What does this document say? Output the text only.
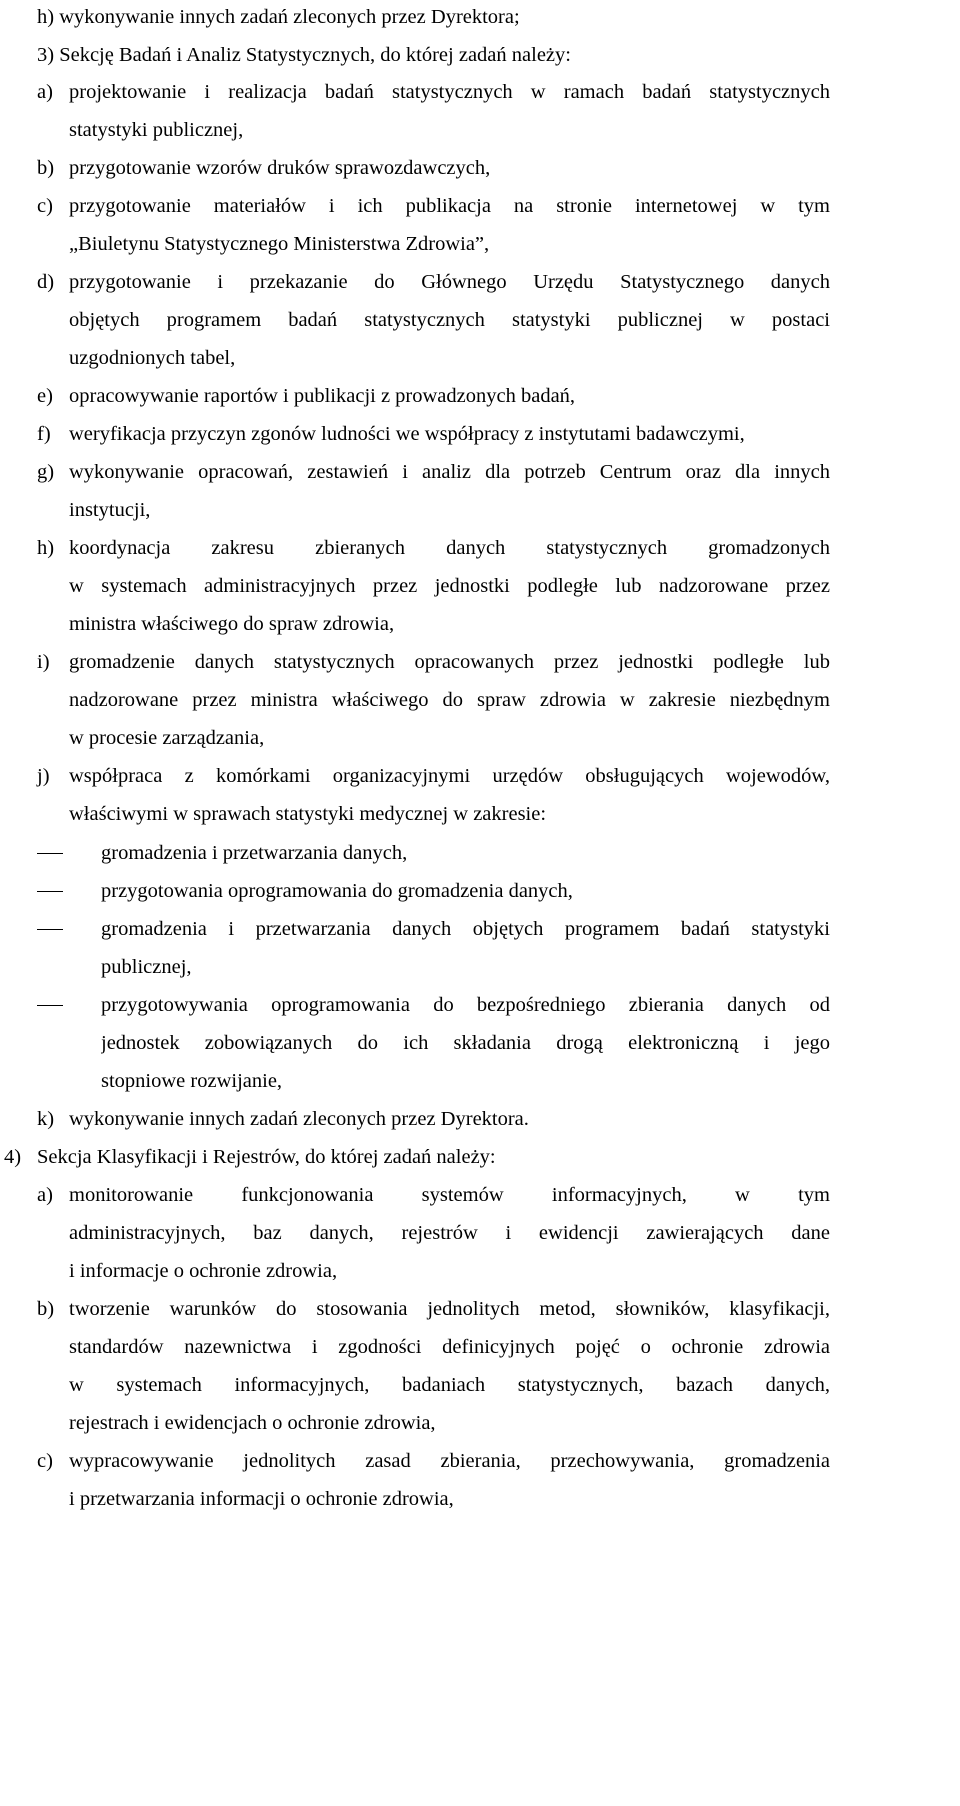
h) wykonywanie innych zadań zleconych przez Dyrektora;
3) Sekcję Badań i Analiz Statystycznych, do której zadań należy:
a) projektowanie i realizacja badań statystycznych w ramach badań statystycznych
statystyki publicznej,
b) przygotowanie wzorów druków sprawozdawczych,
c) przygotowanie materiałów i ich publikacja na stronie internetowej w tym
„Biuletynu Statystycznego Ministerstwa Zdrowia”,
d) przygotowanie i przekazanie do Głównego Urzędu Statystycznego danych
objętych programem badań statystycznych statystyki publicznej w postaci
uzgodnionych tabel,
e) opracowywanie raportów i publikacji z prowadzonych badań,
f) weryfikacja przyczyn zgonów ludności we współpracy z instytutami badawczymi,
g) wykonywanie opracowań, zestawień i analiz dla potrzeb Centrum oraz dla innych
instytucji,
h) koordynacja zakresu zbieranych danych statystycznych gromadzonych
w systemach administracyjnych przez jednostki podległe lub nadzorowane przez
ministra właściwego do spraw zdrowia,
i) gromadzenie danych statystycznych opracowanych przez jednostki podległe lub
nadzorowane przez ministra właściwego do spraw zdrowia w zakresie niezbędnym
w procesie zarządzania,
j) współpraca z komórkami organizacyjnymi urzędów obsługujących wojewodów,
właściwymi w sprawach statystyki medycznej w zakresie:
gromadzenia i przetwarzania danych,
przygotowania oprogramowania do gromadzenia danych,
gromadzenia i przetwarzania danych objętych programem badań statystyki
publicznej,
przygotowywania oprogramowania do bezpośredniego zbierania danych od
jednostek zobowiązanych do ich składania drogą elektroniczną i jego
stopniowe rozwijanie,
k) wykonywanie innych zadań zleconych przez Dyrektora.
4) Sekcja Klasyfikacji i Rejestrów, do której zadań należy:
a) monitorowanie funkcjonowania systemów informacyjnych, w tym
administracyjnych, baz danych, rejestrów i ewidencji zawierających dane
i informacje o ochronie zdrowia,
b) tworzenie warunków do stosowania jednolitych metod, słowników, klasyfikacji,
standardów nazewnictwa i zgodności definicyjnych pojęć o ochronie zdrowia
w systemach informacyjnych, badaniach statystycznych, bazach danych,
rejestrach i ewidencjach o ochronie zdrowia,
c) wypracowywanie jednolitych zasad zbierania, przechowywania, gromadzenia
i przetwarzania informacji o ochronie zdrowia,
